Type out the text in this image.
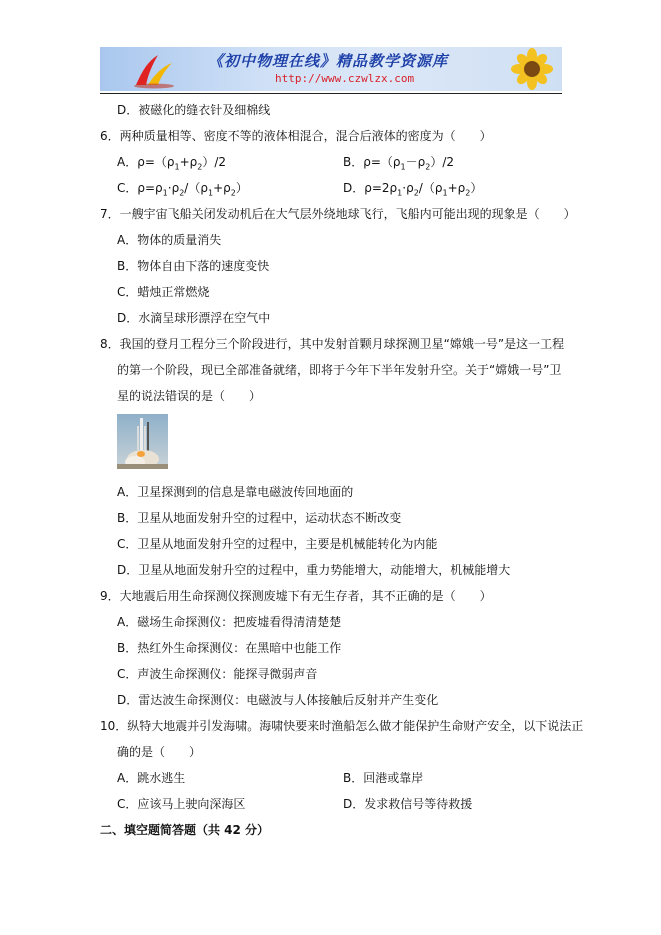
《初中物理在线》精品教学资源库
http://www.czwlzx.com
D．被磁化的缝衣针及细棉线
6．两种质量相等、密度不等的液体相混合，混合后液体的密度为（　　）
A．$\rho=(\rho_1+\rho_2)/2$	B．$\rho=(\rho_1-\rho_2)/2$
C．$\rho=\rho_1\cdot\rho_2/(\rho_1+\rho_2)$	D．$\rho=2\rho_1\cdot\rho_2/(\rho_1+\rho_2)$
7．一艘宇宙飞船关闭发动机后在大气层外绕地球飞行，飞船内可能出现的现象是（　　）
A．物体的质量消失
B．物体自由下落的速度变快
C．蜡烛正常燃烧
D．水滴呈球形漂浮在空气中
8．我国的登月工程分三个阶段进行，其中发射首颗月球探测卫星“嫦娥一号”是这一工程
的第一个阶段，现已全部准备就绪，即将于今年下半年发射升空。关于“嫦娥一号”卫
星的说法错误的是（　　）
A．卫星探测到的信息是靠电磁波传回地面的
B．卫星从地面发射升空的过程中，运动状态不断改变
C．卫星从地面发射升空的过程中，主要是机械能转化为内能
D．卫星从地面发射升空的过程中，重力势能增大，动能增大，机械能增大
9．大地震后用生命探测仪探测废墟下有无生存者，其不正确的是（　　）
A．磁场生命探测仪：把废墟看得清清楚楚
B．热红外生命探测仪：在黑暗中也能工作
C．声波生命探测仪：能探寻微弱声音
D．雷达波生命探测仪：电磁波与人体接触后反射并产生变化
10．纵特大地震并引发海啸。海啸快要来时渔船怎么做才能保护生命财产安全，以下说法正
确的是（　　）
A．跳水逃生	B．回港或靠岸
C．应该马上驶向深海区	D．发求救信号等待救援
二、填空题简答题（共 42 分）
